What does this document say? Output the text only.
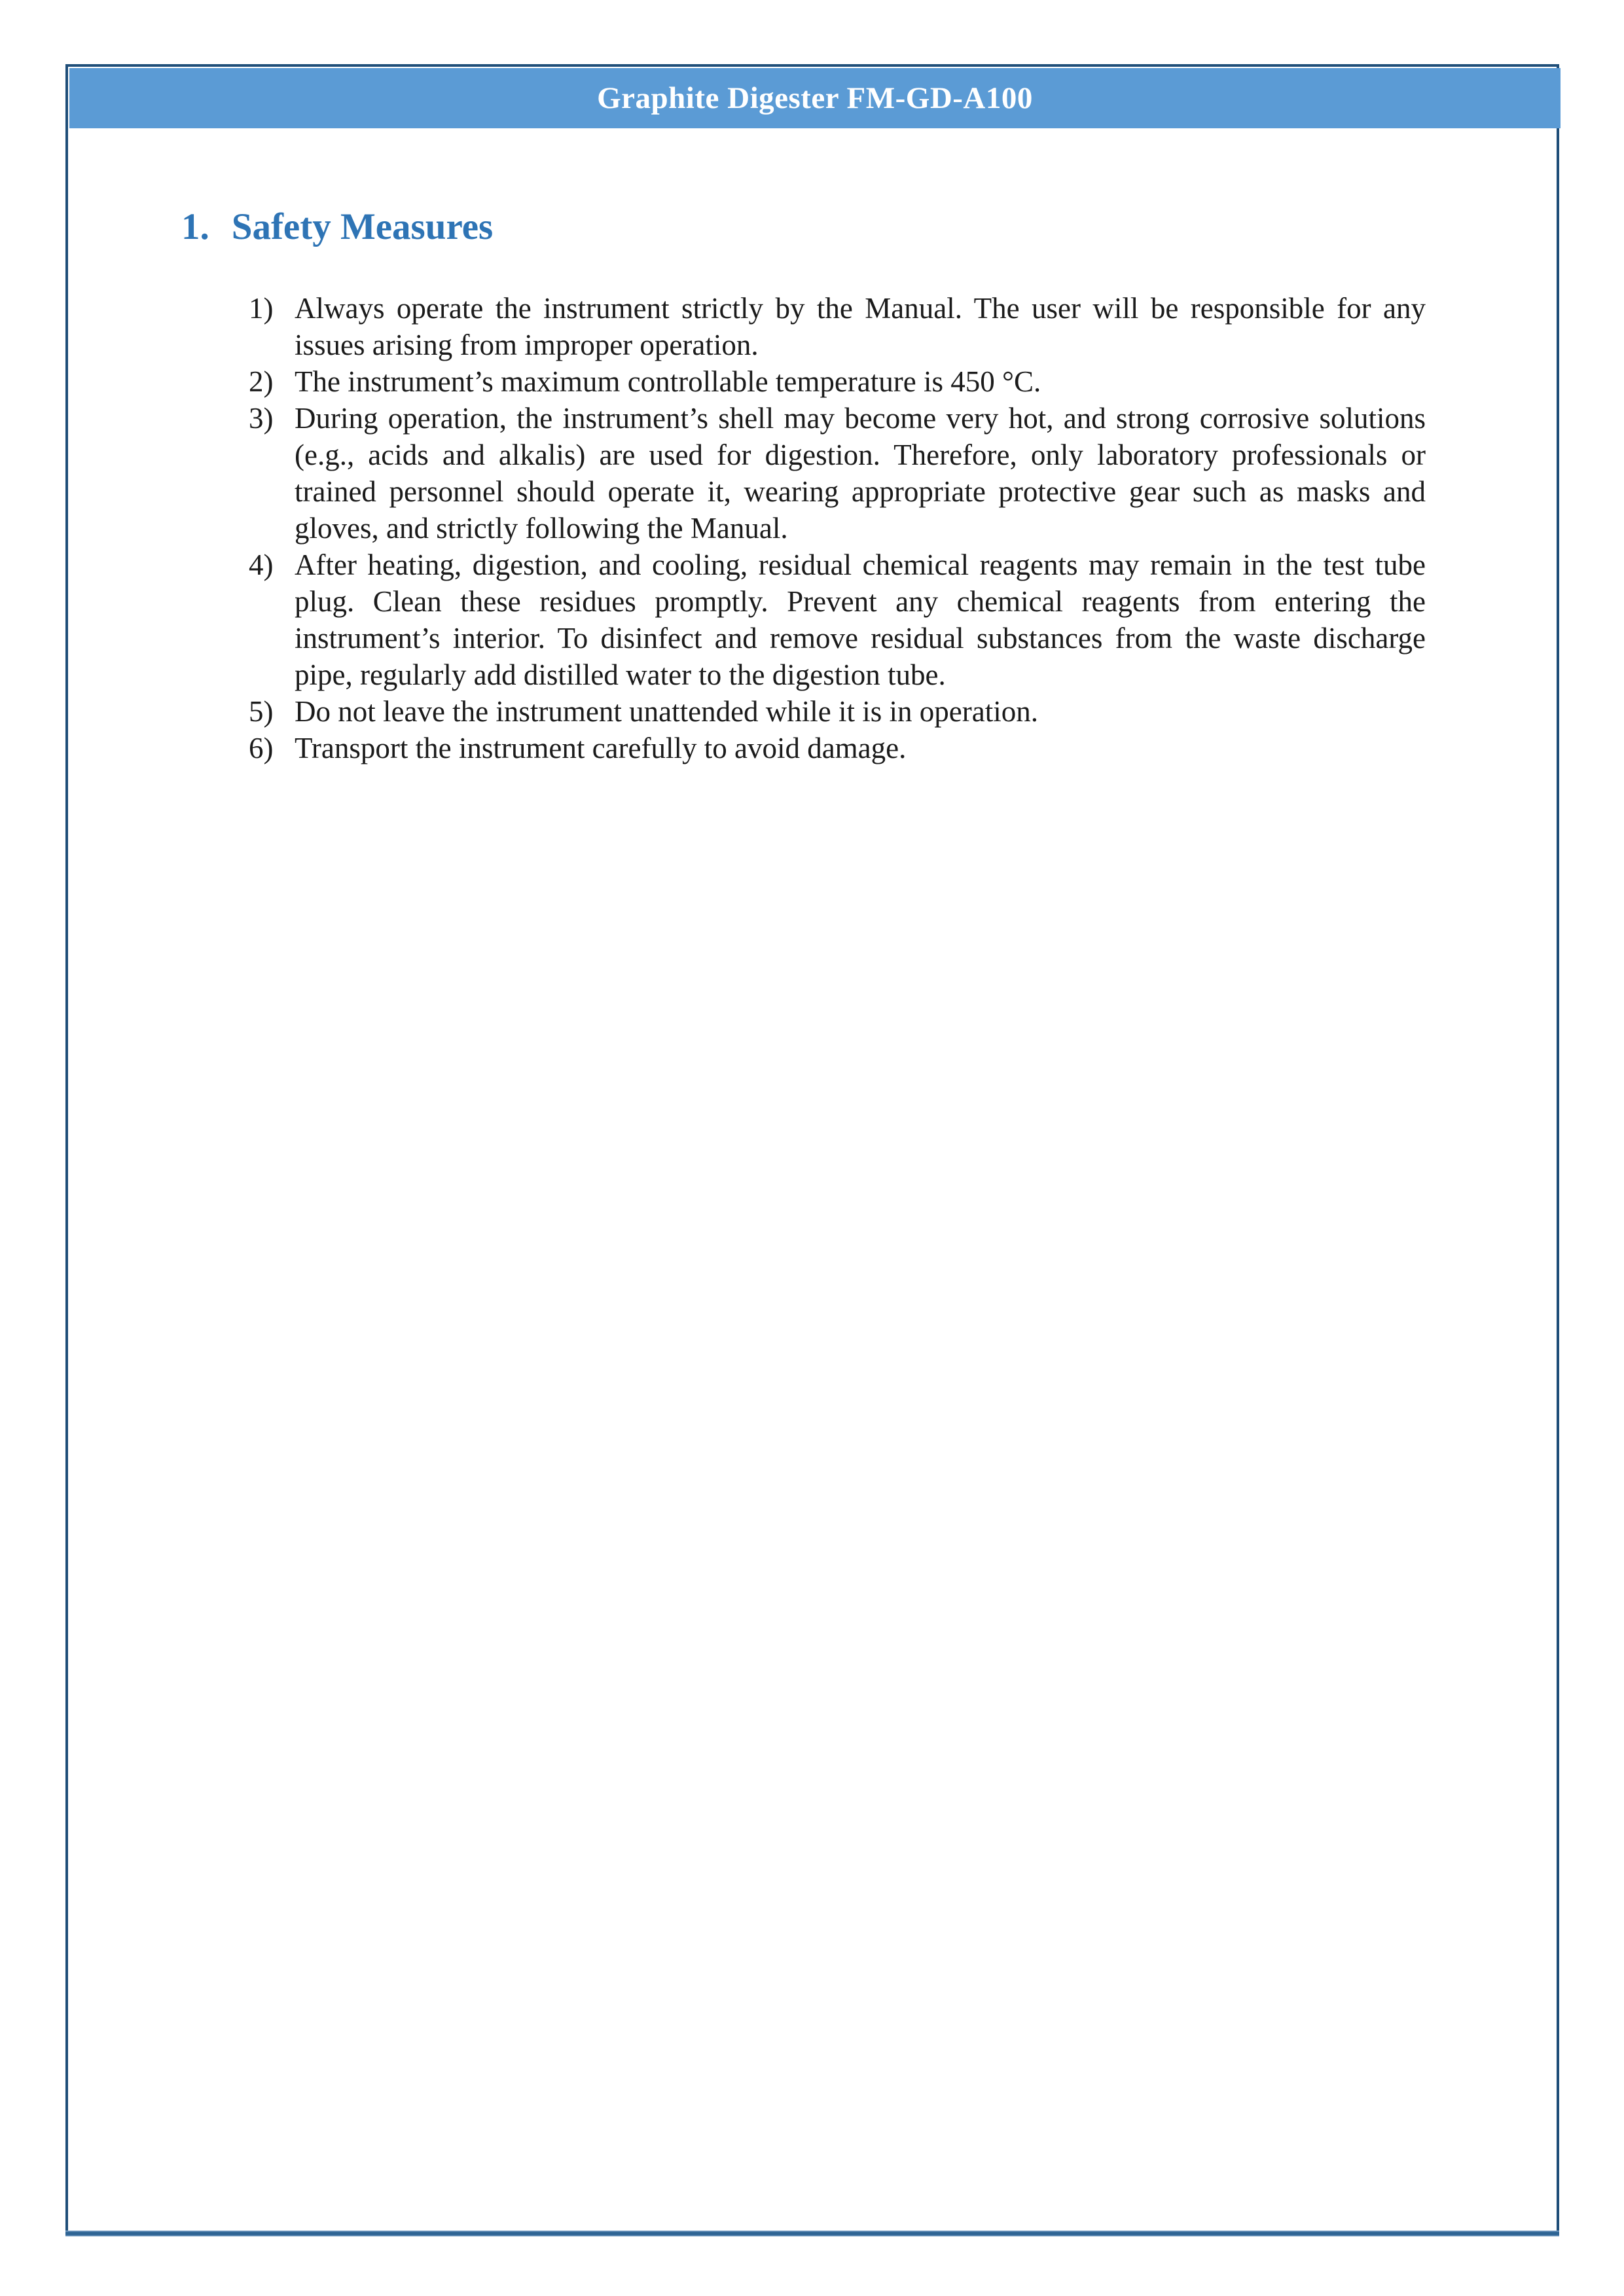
Graphite Digester FM-GD-A100
1. Safety Measures
1) Always operate the instrument strictly by the Manual. The user will be responsible for any issues arising from improper operation.
2) The instrument’s maximum controllable temperature is 450 °C.
3) During operation, the instrument’s shell may become very hot, and strong corrosive solutions (e.g., acids and alkalis) are used for digestion. Therefore, only laboratory professionals or trained personnel should operate it, wearing appropriate protective gear such as masks and gloves, and strictly following the Manual.
4) After heating, digestion, and cooling, residual chemical reagents may remain in the test tube plug. Clean these residues promptly. Prevent any chemical reagents from entering the instrument’s interior. To disinfect and remove residual substances from the waste discharge pipe, regularly add distilled water to the digestion tube.
5) Do not leave the instrument unattended while it is in operation.
6) Transport the instrument carefully to avoid damage.
